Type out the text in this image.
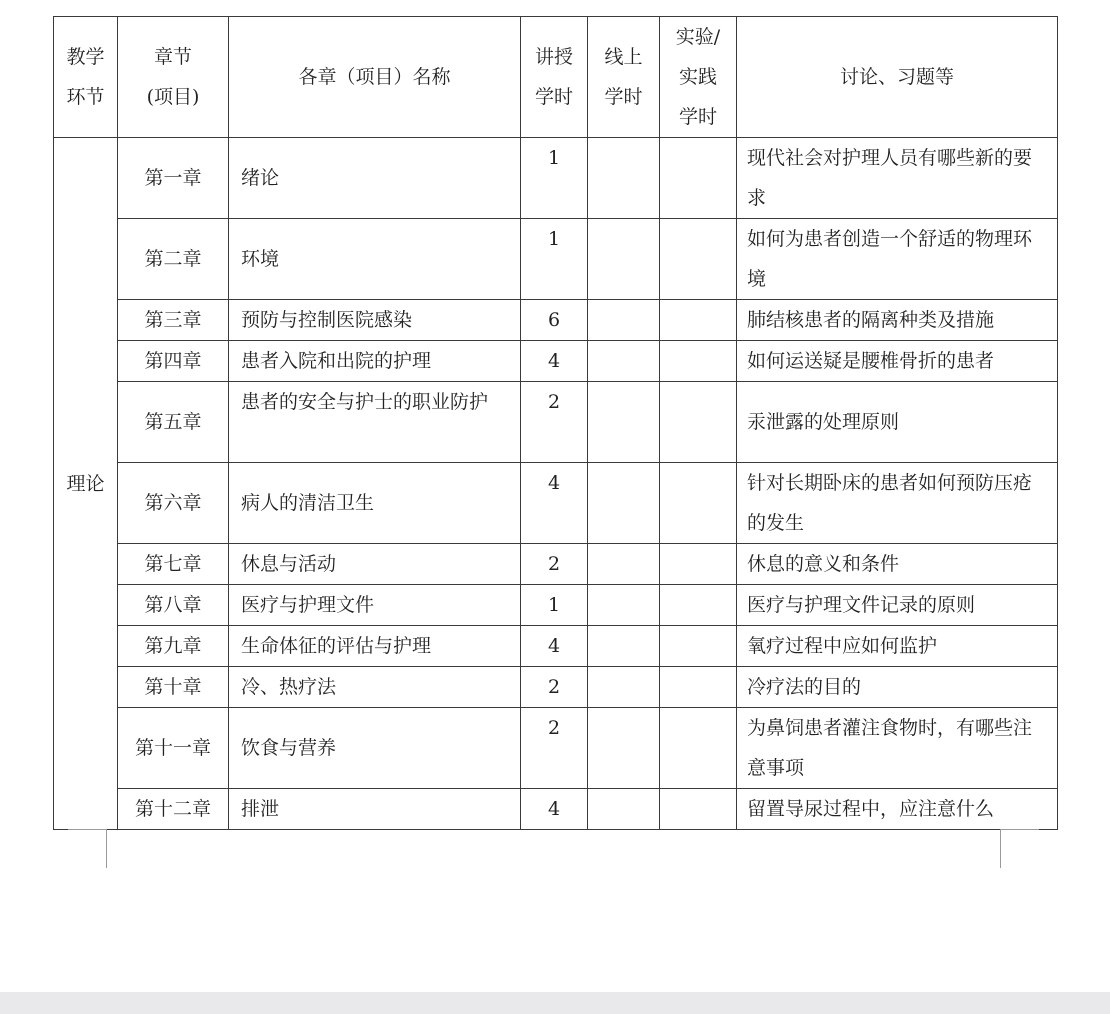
教学环节	章节(项目)	各章（项目）名称	讲授学时	线上学时	实验/实践学时	讨论、习题等
理论	第一章	绪论	1			现代社会对护理人员有哪些新的要求
	第二章	环境	1			如何为患者创造一个舒适的物理环境
	第三章	预防与控制医院感染	6			肺结核患者的隔离种类及措施
	第四章	患者入院和出院的护理	4			如何运送疑是腰椎骨折的患者
	第五章	患者的安全与护士的职业防护	2			汞泄露的处理原则
	第六章	病人的清洁卫生	4			针对长期卧床的患者如何预防压疮的发生
	第七章	休息与活动	2			休息的意义和条件
	第八章	医疗与护理文件	1			医疗与护理文件记录的原则
	第九章	生命体征的评估与护理	4			氧疗过程中应如何监护
	第十章	冷、热疗法	2			冷疗法的目的
	第十一章	饮食与营养	2			为鼻饲患者灌注食物时，有哪些注意事项
	第十二章	排泄	4			留置导尿过程中，应注意什么
